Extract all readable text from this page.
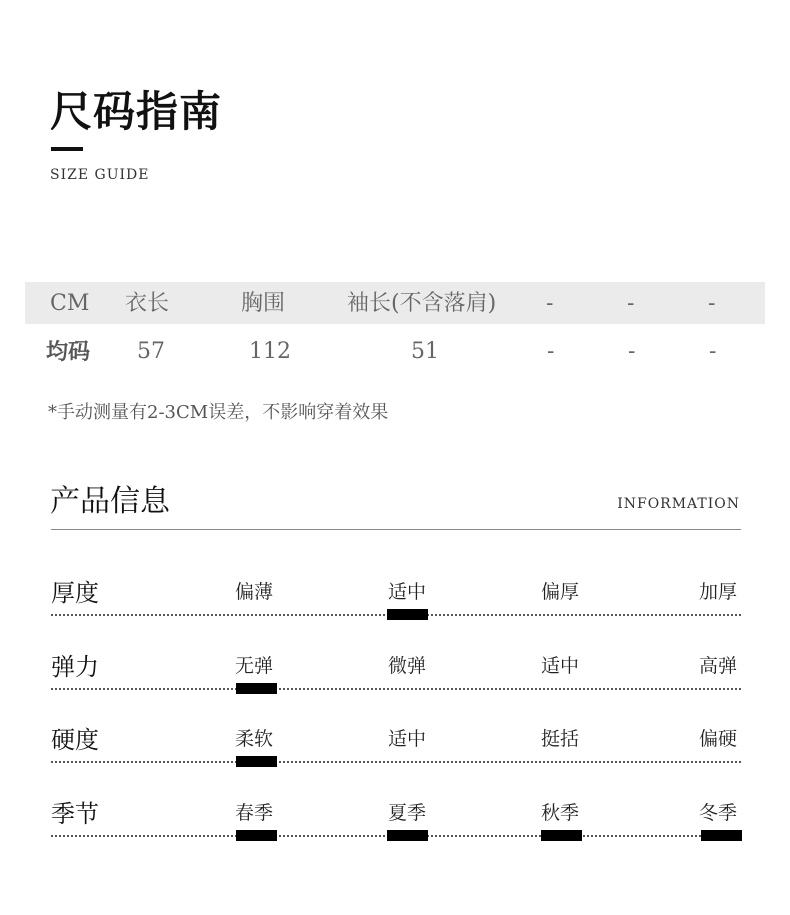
尺码指南
SIZE GUIDE
CM 衣长	胸围	袖长(不含落肩) -	-	-
均码 57	112	51	-	-	-
*手动测量有2-3CM误差，不影响穿着效果
产品信息	INFORMATION
厚度	偏薄	适中	偏厚	加厚
弹力	无弹	微弹	适中	高弹
硬度	柔软	适中	挺括	偏硬
季节	春季	夏季	秋季	冬季
